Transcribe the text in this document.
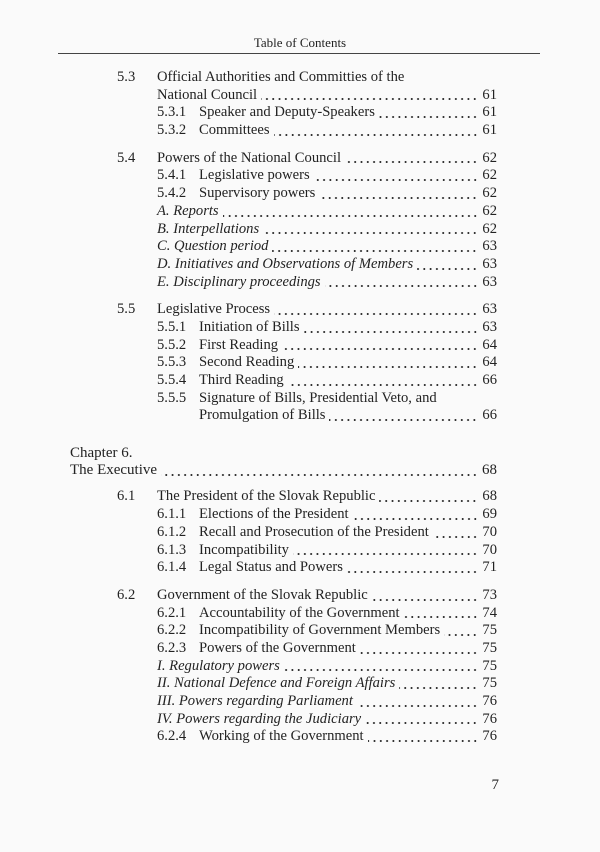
Table of Contents
5.3 Official Authorities and Committies of the
National Council	61
5.3.1 Speaker and Deputy-Speakers	61
5.3.2 Committees	61
5.4 Powers of the National Council	62
5.4.1 Legislative powers	62
5.4.2 Supervisory powers	62
A. Reports	62
B. Interpellations	62
C. Question period	63
D. Initiatives and Observations of Members	63
E. Disciplinary proceedings	63
5.5 Legislative Process	63
5.5.1 Initiation of Bills	63
5.5.2 First Reading	64
5.5.3 Second Reading	64
5.5.4 Third Reading	66
5.5.5 Signature of Bills, Presidential Veto, and
Promulgation of Bills	66
Chapter 6.
The Executive	68
6.1 The President of the Slovak Republic	68
6.1.1 Elections of the President	69
6.1.2 Recall and Prosecution of the President	70
6.1.3 Incompatibility	70
6.1.4 Legal Status and Powers	71
6.2 Government of the Slovak Republic	73
6.2.1 Accountability of the Government	74
6.2.2 Incompatibility of Government Members	75
6.2.3 Powers of the Government	75
I. Regulatory powers	75
II. National Defence and Foreign Affairs	75
III. Powers regarding Parliament	76
IV. Powers regarding the Judiciary	76
6.2.4 Working of the Government	76
7
